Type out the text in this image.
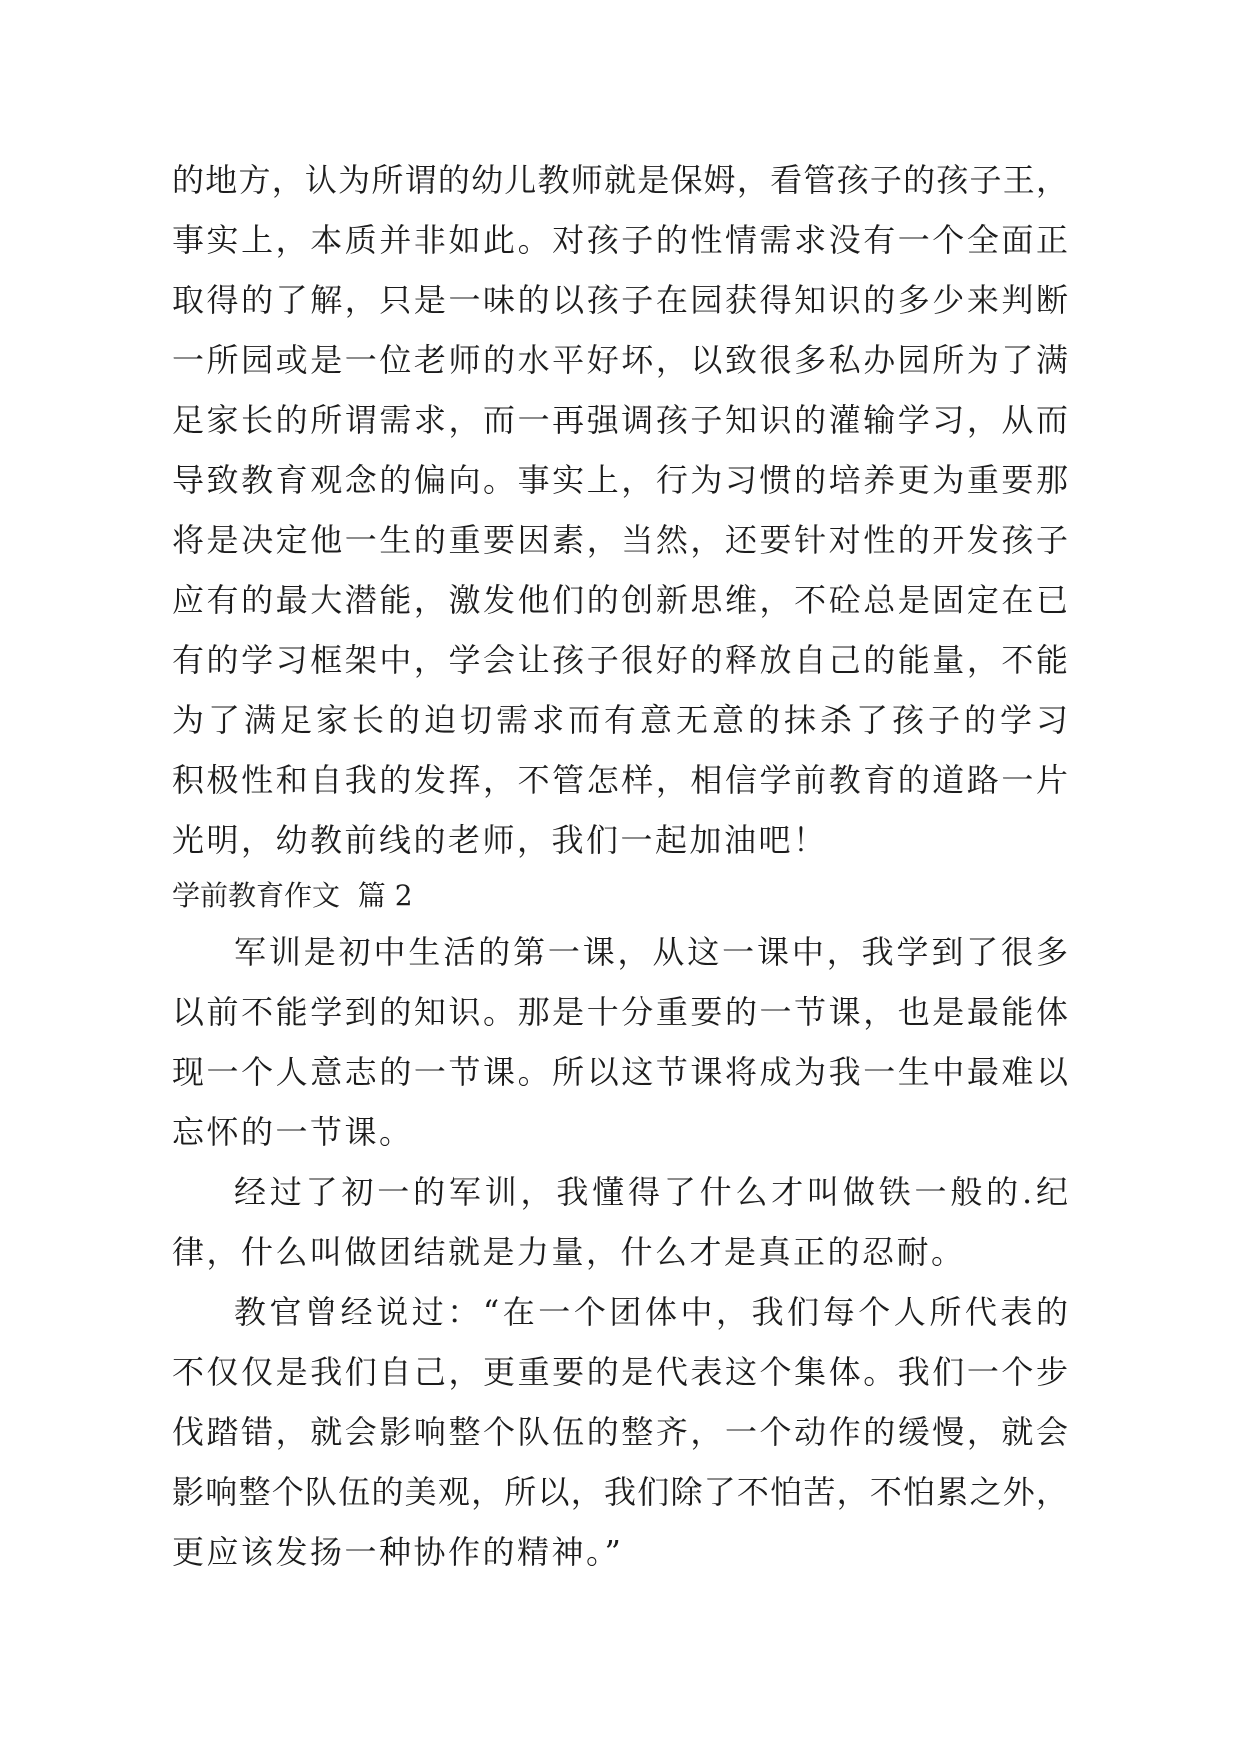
的地方，认为所谓的幼儿教师就是保姆，看管孩子的孩子王，
事实上，本质并非如此。对孩子的性情需求没有一个全面正
取得的了解，只是一味的以孩子在园获得知识的多少来判断
一所园或是一位老师的水平好坏，以致很多私办园所为了满
足家长的所谓需求，而一再强调孩子知识的灌输学习，从而
导致教育观念的偏向。事实上，行为习惯的培养更为重要那
将是决定他一生的重要因素，当然，还要针对性的开发孩子
应有的最大潜能，激发他们的创新思维，不砼总是固定在已
有的学习框架中，学会让孩子很好的释放自己的能量，不能
为了满足家长的迫切需求而有意无意的抹杀了孩子的学习
积极性和自我的发挥，不管怎样，相信学前教育的道路一片
光明，幼教前线的老师，我们一起加油吧！
学前教育作文  篇 2
军训是初中生活的第一课，从这一课中，我学到了很多
以前不能学到的知识。那是十分重要的一节课，也是最能体
现一个人意志的一节课。所以这节课将成为我一生中最难以
忘怀的一节课。
经过了初一的军训，我懂得了什么才叫做铁一般的.纪
律，什么叫做团结就是力量，什么才是真正的忍耐。
教官曾经说过：“在一个团体中，我们每个人所代表的
不仅仅是我们自己，更重要的是代表这个集体。我们一个步
伐踏错，就会影响整个队伍的整齐，一个动作的缓慢，就会
影响整个队伍的美观，所以，我们除了不怕苦，不怕累之外，
更应该发扬一种协作的精神。”
